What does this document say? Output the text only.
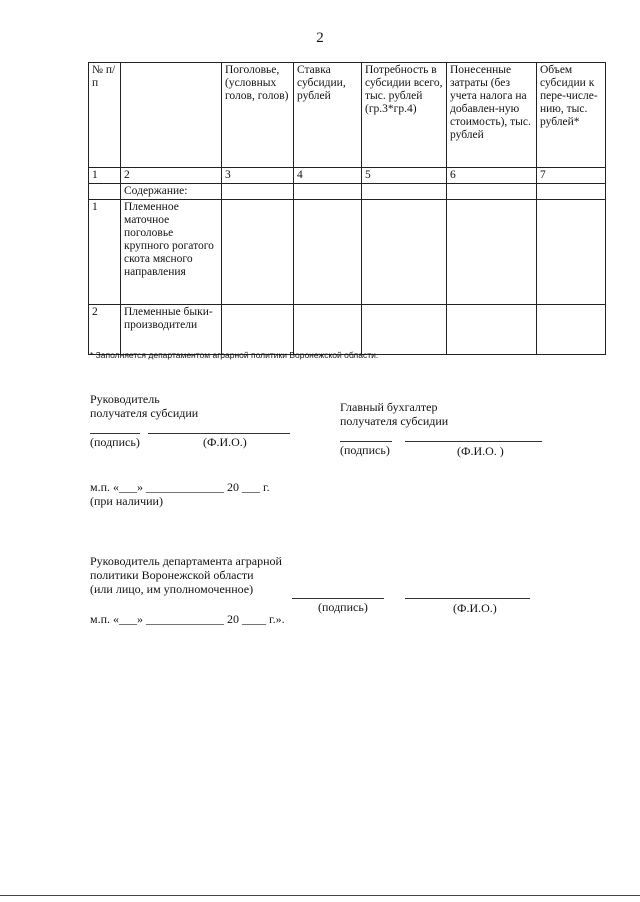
2
№ п/п		Поголовье, (условных голов, голов)	Ставка субсидии, рублей	Потребность в субсидии всего, тыс. рублей (гр.3*гр.4)	Понесенные затраты (без учета налога на добавлен-ную стоимость), тыс. рублей	Объем субсидии к пере-числе-нию, тыс. рублей*
1	2	3	4	5	6	7
	Содержание:					
1	Племенное маточное поголовье крупного рогатого скота мясного направления					
2	Племенные быки-производители					
* Заполняется департаментом аграрной политики Воронежской области.
Руководитель
получателя субсидии
(подпись)	(Ф.И.О.)
Главный бухгалтер
получателя субсидии
(подпись)	(Ф.И.О. )
м.п. «___» _____________ 20 ___ г.
(при наличии)
Руководитель департамента аграрной
политики Воронежской области
(или лицо, им уполномоченное)
(подпись)	(Ф.И.О.)
м.п. «___» _____________ 20 ____ г.».
